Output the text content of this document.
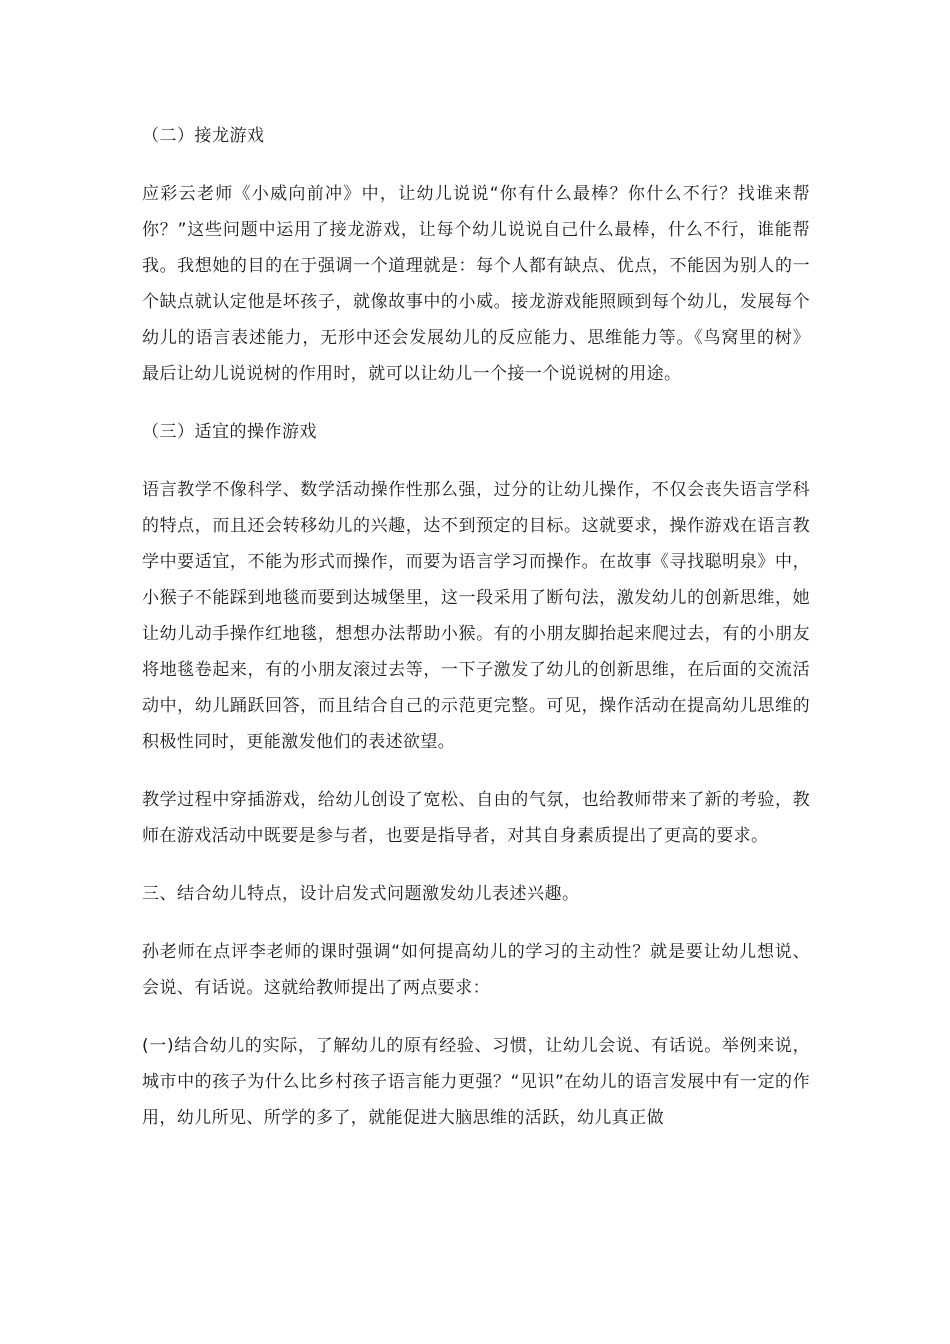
（二）接龙游戏
应彩云老师《小威向前冲》中，让幼儿说说“你有什么最棒？你什么不行？找谁来帮你？”这些问题中运用了接龙游戏，让每个幼儿说说自己什么最棒，什么不行，谁能帮我。我想她的目的在于强调一个道理就是：每个人都有缺点、优点，不能因为别人的一个缺点就认定他是坏孩子，就像故事中的小威。接龙游戏能照顾到每个幼儿，发展每个幼儿的语言表述能力，无形中还会发展幼儿的反应能力、思维能力等。《鸟窝里的树》最后让幼儿说说树的作用时，就可以让幼儿一个接一个说说树的用途。
（三）适宜的操作游戏
语言教学不像科学、数学活动操作性那么强，过分的让幼儿操作，不仅会丧失语言学科的特点，而且还会转移幼儿的兴趣，达不到预定的目标。这就要求，操作游戏在语言教学中要适宜，不能为形式而操作，而要为语言学习而操作。在故事《寻找聪明泉》中，小猴子不能踩到地毯而要到达城堡里，这一段采用了断句法，激发幼儿的创新思维，她让幼儿动手操作红地毯，想想办法帮助小猴。有的小朋友脚抬起来爬过去，有的小朋友将地毯卷起来，有的小朋友滚过去等，一下子激发了幼儿的创新思维，在后面的交流活动中，幼儿踊跃回答，而且结合自己的示范更完整。可见，操作活动在提高幼儿思维的积极性同时，更能激发他们的表述欲望。
教学过程中穿插游戏，给幼儿创设了宽松、自由的气氛，也给教师带来了新的考验，教师在游戏活动中既要是参与者，也要是指导者，对其自身素质提出了更高的要求。
三、结合幼儿特点，设计启发式问题激发幼儿表述兴趣。
孙老师在点评李老师的课时强调“如何提高幼儿的学习的主动性？就是要让幼儿想说、会说、有话说。这就给教师提出了两点要求：
(一)结合幼儿的实际，了解幼儿的原有经验、习惯，让幼儿会说、有话说。举例来说，城市中的孩子为什么比乡村孩子语言能力更强？“见识”在幼儿的语言发展中有一定的作用，幼儿所见、所学的多了，就能促进大脑思维的活跃，幼儿真正做
